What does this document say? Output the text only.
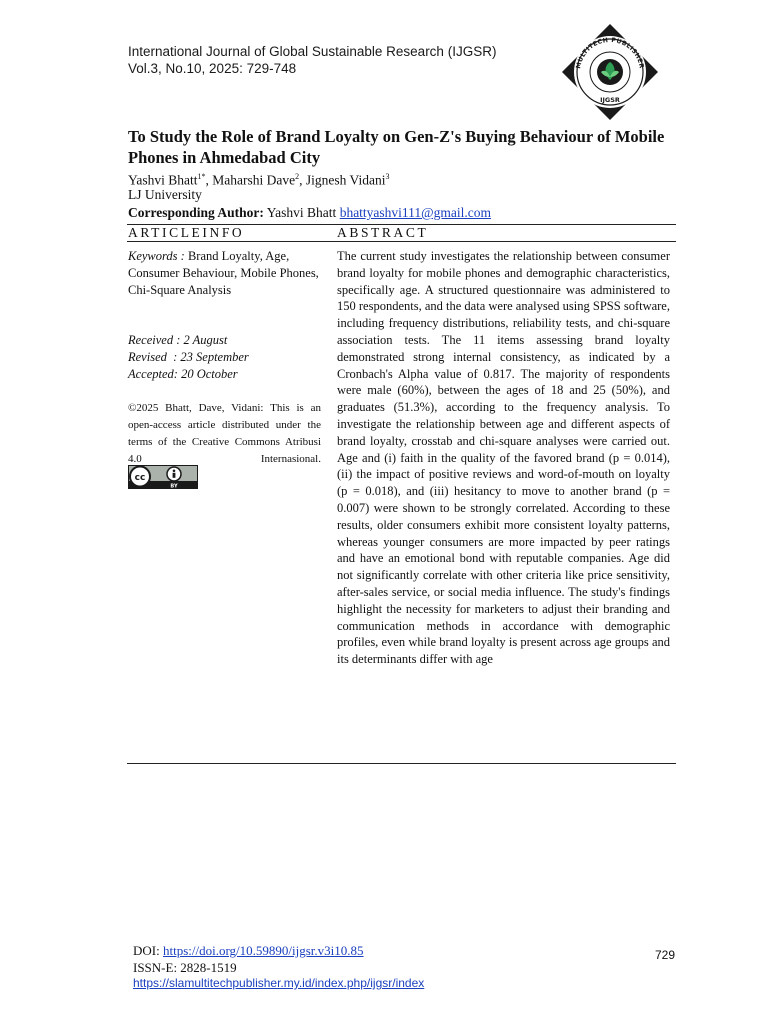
International Journal of Global Sustainable Research (IJGSR)
Vol.3, No.10, 2025: 729-748	MULTITECH PUBLISHER
IJGSR
To Study the Role of Brand Loyalty on Gen-Z's Buying Behaviour of Mobile Phones in Ahmedabad City
Yashvi Bhatt$^{1*}$, Maharshi Dave$^2$, Jignesh Vidani$^3$
LJ University
Corresponding Author: Yashvi Bhatt bhattyashvi111@gmail.com
ARTICLEINFO	ABSTRACT
Keywords : Brand Loyalty, Age, Consumer Behaviour, Mobile Phones, Chi-Square Analysis
Received : 2 August
Revised  : 23 September
Accepted: 20 October
©2025 Bhatt, Dave, Vidani: This is an open-access article distributed under the terms of the Creative Commons Atribusi 4.0 Internasional.
cc
BY

The current study investigates the relationship between consumer brand loyalty for mobile phones and demographic characteristics, specifically age. A structured questionnaire was administered to 150 respondents, and the data were analysed using SPSS software, including frequency distributions, reliability tests, and chi-square association tests. The 11 items assessing brand loyalty demonstrated strong internal consistency, as indicated by a Cronbach's Alpha value of 0.817. The majority of respondents were male (60%), between the ages of 18 and 25 (50%), and graduates (51.3%), according to the frequency analysis. To investigate the relationship between age and different aspects of brand loyalty, crosstab and chi-square analyses were carried out. Age and (i) faith in the quality of the favored brand (p = 0.014), (ii) the impact of positive reviews and word-of-mouth on loyalty (p = 0.018), and (iii) hesitancy to move to another brand (p = 0.007) were shown to be strongly correlated. According to these results, older consumers exhibit more consistent loyalty patterns, whereas younger consumers are more impacted by peer ratings and have an emotional bond with reputable companies. Age did not significantly correlate with other criteria like price sensitivity, after-sales service, or social media influence. The study's findings highlight the necessity for marketers to adjust their branding and communication methods in accordance with demographic profiles, even while brand loyalty is present across age groups and its determinants differ with age

DOI: https://doi.org/10.59890/ijgsr.v3i10.85
ISSN-E: 2828-1519
https://slamultitechpublisher.my.id/index.php/ijgsr/index
729
